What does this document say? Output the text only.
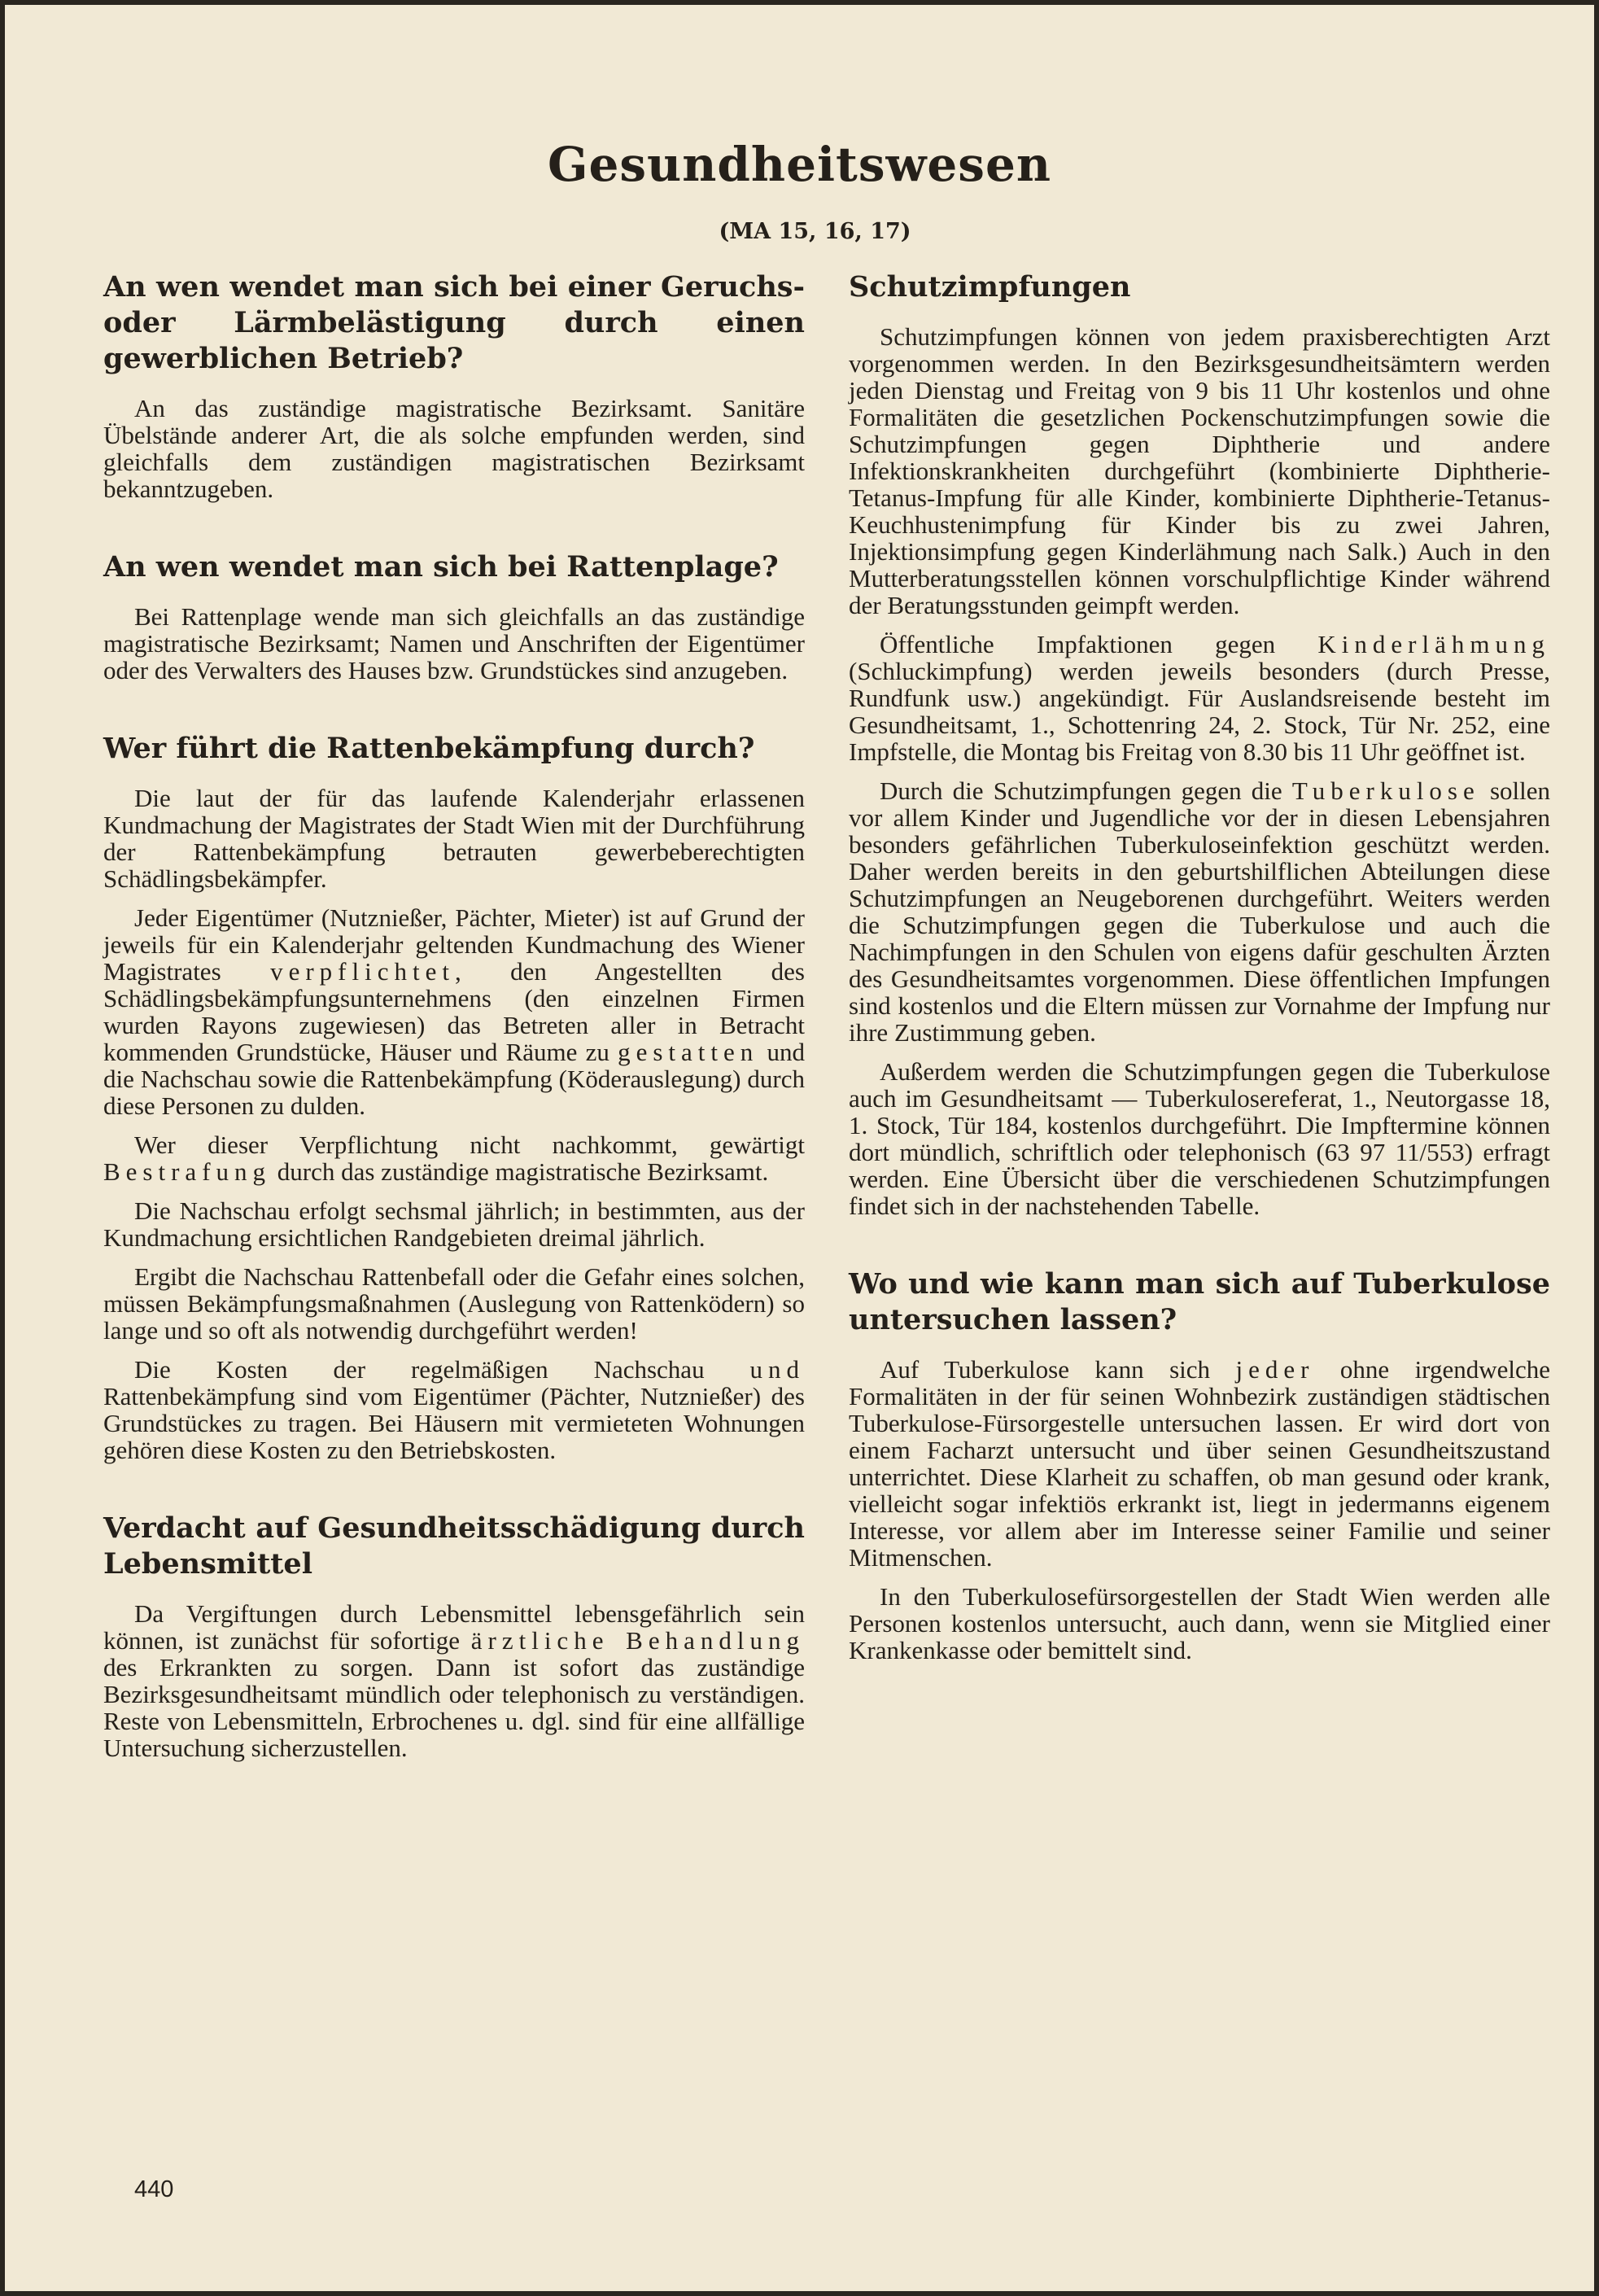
Gesundheitswesen

(MA 15, 16, 17)

An wen wendet man sich bei einer Geruchs- oder Lärmbelästigung durch einen gewerblichen Betrieb?

An das zuständige magistratische Bezirksamt. Sanitäre Übelstände anderer Art, die als solche empfunden werden, sind gleichfalls dem zuständigen magistratischen Bezirksamt bekanntzugeben.

An wen wendet man sich bei Rattenplage?

Bei Rattenplage wende man sich gleichfalls an das zuständige magistratische Bezirksamt; Namen und Anschriften der Eigentümer oder des Verwalters des Hauses bzw. Grundstückes sind anzugeben.

Wer führt die Rattenbekämpfung durch?

Die laut der für das laufende Kalenderjahr erlassenen Kundmachung der Magistrates der Stadt Wien mit der Durchführung der Rattenbekämpfung betrauten gewerbeberechtigten Schädlingsbekämpfer.

Jeder Eigentümer (Nutznießer, Pächter, Mieter) ist auf Grund der jeweils für ein Kalenderjahr geltenden Kundmachung des Wiener Magistrates verpflichtet, den Angestellten des Schädlingsbekämpfungsunternehmens (den einzelnen Firmen wurden Rayons zugewiesen) das Betreten aller in Betracht kommenden Grundstücke, Häuser und Räume zu gestatten und die Nachschau sowie die Rattenbekämpfung (Köderauslegung) durch diese Personen zu dulden.

Wer dieser Verpflichtung nicht nachkommt, gewärtigt Bestrafung durch das zuständige magistratische Bezirksamt.

Die Nachschau erfolgt sechsmal jährlich; in bestimmten, aus der Kundmachung ersichtlichen Randgebieten dreimal jährlich.

Ergibt die Nachschau Rattenbefall oder die Gefahr eines solchen, müssen Bekämpfungsmaßnahmen (Auslegung von Rattenködern) so lange und so oft als notwendig durchgeführt werden!

Die Kosten der regelmäßigen Nachschau und Rattenbekämpfung sind vom Eigentümer (Pächter, Nutznießer) des Grundstückes zu tragen. Bei Häusern mit vermieteten Wohnungen gehören diese Kosten zu den Betriebskosten.

Verdacht auf Gesundheitsschädigung durch Lebensmittel

Da Vergiftungen durch Lebensmittel lebensgefährlich sein können, ist zunächst für sofortige ärztliche Behandlung des Erkrankten zu sorgen. Dann ist sofort das zuständige Bezirksgesundheitsamt mündlich oder telephonisch zu verständigen. Reste von Lebensmitteln, Erbrochenes u. dgl. sind für eine allfällige Untersuchung sicherzustellen.

Schutzimpfungen

Schutzimpfungen können von jedem praxisberechtigten Arzt vorgenommen werden. In den Bezirksgesundheitsämtern werden jeden Dienstag und Freitag von 9 bis 11 Uhr kostenlos und ohne Formalitäten die gesetzlichen Pockenschutzimpfungen sowie die Schutzimpfungen gegen Diphtherie und andere Infektionskrankheiten durchgeführt (kombinierte Diphtherie-Tetanus-Impfung für alle Kinder, kombinierte Diphtherie-Tetanus-Keuchhustenimpfung für Kinder bis zu zwei Jahren, Injektionsimpfung gegen Kinderlähmung nach Salk.) Auch in den Mutterberatungsstellen können vorschulpflichtige Kinder während der Beratungsstunden geimpft werden.

Öffentliche Impfaktionen gegen Kinderlähmung (Schluckimpfung) werden jeweils besonders (durch Presse, Rundfunk usw.) angekündigt. Für Auslandsreisende besteht im Gesundheitsamt, 1., Schottenring 24, 2. Stock, Tür Nr. 252, eine Impfstelle, die Montag bis Freitag von 8.30 bis 11 Uhr geöffnet ist.

Durch die Schutzimpfungen gegen die Tuberkulose sollen vor allem Kinder und Jugendliche vor der in diesen Lebensjahren besonders gefährlichen Tuberkuloseinfektion geschützt werden. Daher werden bereits in den geburtshilflichen Abteilungen diese Schutzimpfungen an Neugeborenen durchgeführt. Weiters werden die Schutzimpfungen gegen die Tuberkulose und auch die Nachimpfungen in den Schulen von eigens dafür geschulten Ärzten des Gesundheitsamtes vorgenommen. Diese öffentlichen Impfungen sind kostenlos und die Eltern müssen zur Vornahme der Impfung nur ihre Zustimmung geben.

Außerdem werden die Schutzimpfungen gegen die Tuberkulose auch im Gesundheitsamt — Tuberkulosereferat, 1., Neutorgasse 18, 1. Stock, Tür 184, kostenlos durchgeführt. Die Impftermine können dort mündlich, schriftlich oder telephonisch (63 97 11/553) erfragt werden. Eine Übersicht über die verschiedenen Schutzimpfungen findet sich in der nachstehenden Tabelle.

Wo und wie kann man sich auf Tuberkulose untersuchen lassen?

Auf Tuberkulose kann sich jeder ohne irgendwelche Formalitäten in der für seinen Wohnbezirk zuständigen städtischen Tuberkulose-Fürsorgestelle untersuchen lassen. Er wird dort von einem Facharzt untersucht und über seinen Gesundheitszustand unterrichtet. Diese Klarheit zu schaffen, ob man gesund oder krank, vielleicht sogar infektiös erkrankt ist, liegt in jedermanns eigenem Interesse, vor allem aber im Interesse seiner Familie und seiner Mitmenschen.

In den Tuberkulosefürsorgestellen der Stadt Wien werden alle Personen kostenlos untersucht, auch dann, wenn sie Mitglied einer Krankenkasse oder bemittelt sind.

440
